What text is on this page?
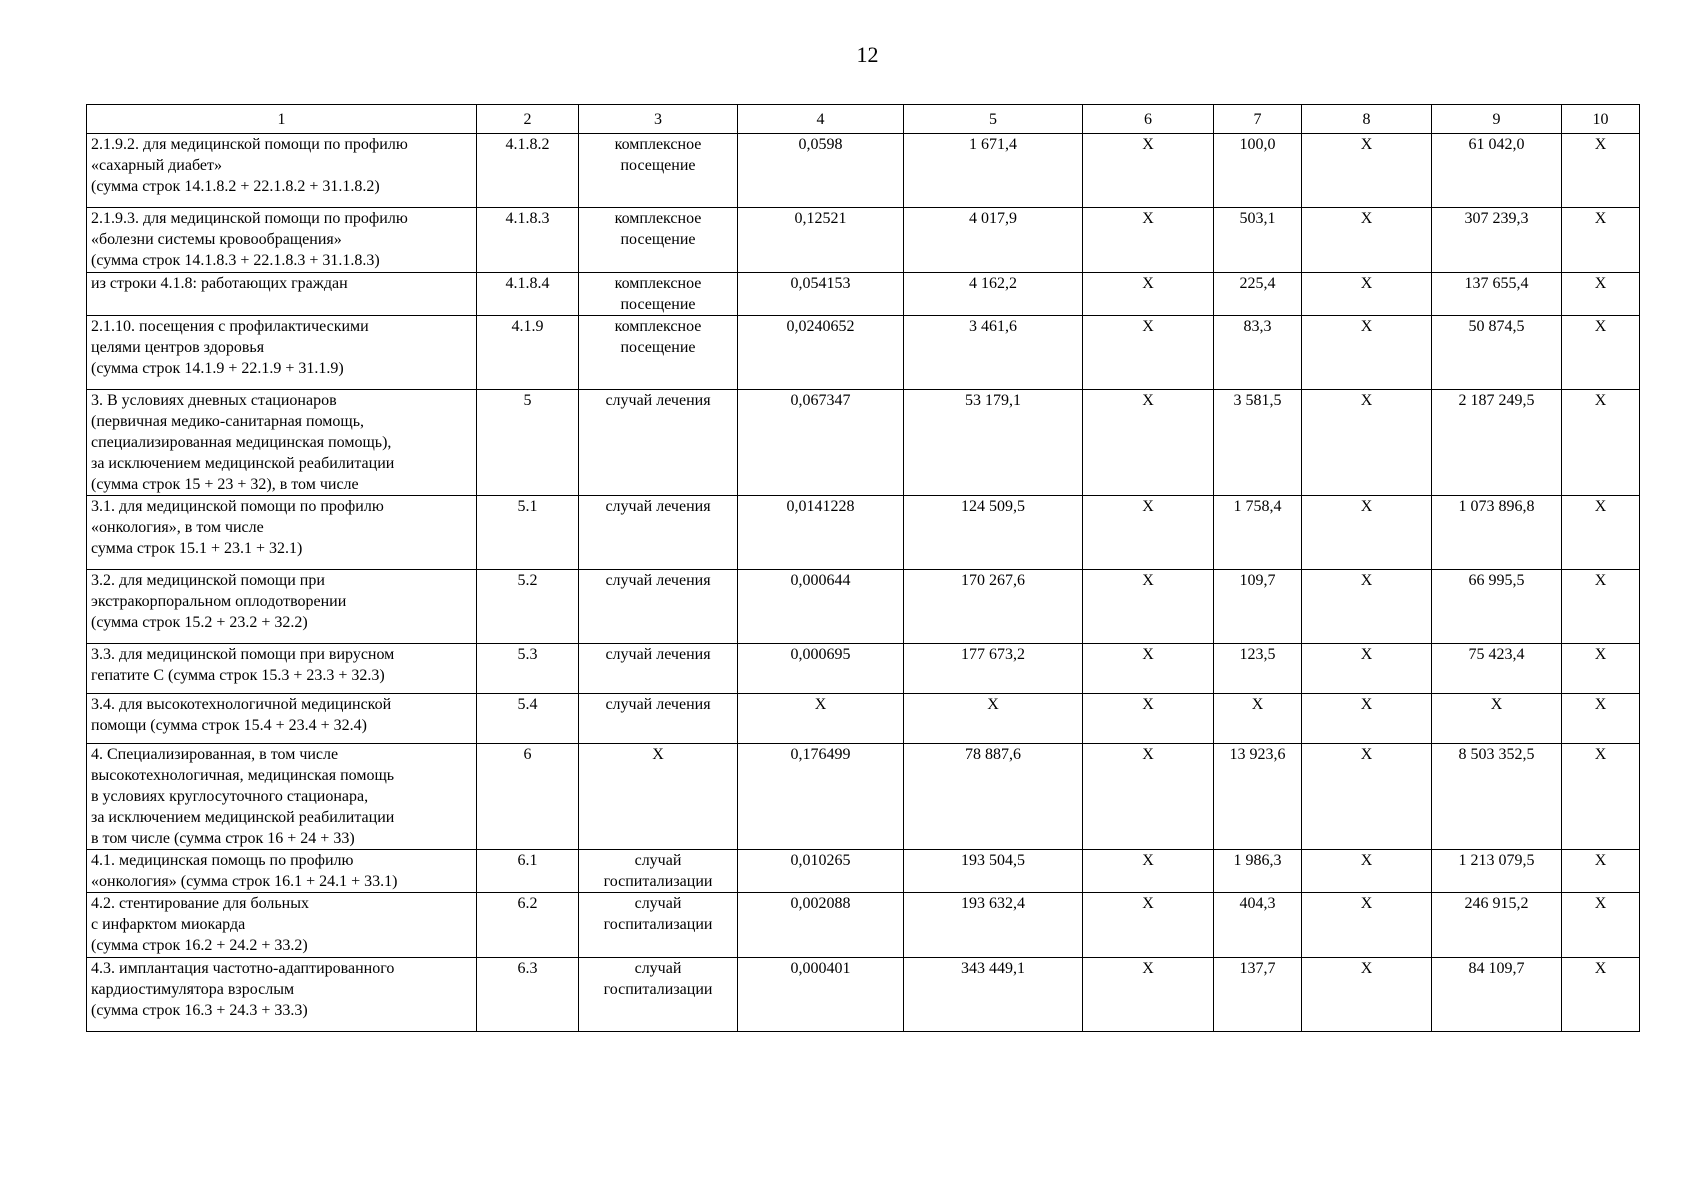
12
1	2	3	4	5	6	7	8	9	10

2.1.9.2. для медицинской помощи по профилю
«сахарный диабет»
(сумма строк 14.1.8.2 + 22.1.8.2 + 31.1.8.2)	4.1.8.2	комплексное посещение	0,0598	1 671,4	Х	100,0	Х	61 042,0	Х

2.1.9.3. для медицинской помощи по профилю
«болезни системы кровообращения»
(сумма строк 14.1.8.3 + 22.1.8.3 + 31.1.8.3)	4.1.8.3	комплексное посещение	0,12521	4 017,9	Х	503,1	Х	307 239,3	Х

из строки 4.1.8: работающих граждан	4.1.8.4	комплексное посещение	0,054153	4 162,2	Х	225,4	Х	137 655,4	Х

2.1.10. посещения с профилактическими
целями центров здоровья
(сумма строк 14.1.9 + 22.1.9 + 31.1.9)	4.1.9	комплексное посещение	0,0240652	3 461,6	Х	83,3	Х	50 874,5	Х

3. В условиях дневных стационаров
(первичная медико-санитарная помощь,
специализированная медицинская помощь),
за исключением медицинской реабилитации
(сумма строк 15 + 23 + 32), в том числе	5	случай лечения	0,067347	53 179,1	Х	3 581,5	Х	2 187 249,5	Х

3.1. для медицинской помощи по профилю
«онкология», в том числе
сумма строк 15.1 + 23.1 + 32.1)	5.1	случай лечения	0,0141228	124 509,5	Х	1 758,4	Х	1 073 896,8	Х

3.2. для медицинской помощи при
экстракорпоральном оплодотворении
(сумма строк 15.2 + 23.2 + 32.2)	5.2	случай лечения	0,000644	170 267,6	Х	109,7	Х	66 995,5	Х

3.3. для медицинской помощи при вирусном
гепатите С (сумма строк 15.3 + 23.3 + 32.3)	5.3	случай лечения	0,000695	177 673,2	Х	123,5	Х	75 423,4	Х

3.4. для высокотехнологичной медицинской
помощи (сумма строк 15.4 + 23.4 + 32.4)	5.4	случай лечения	Х	Х	Х	Х	Х	Х	Х

4. Специализированная, в том числе
высокотехнологичная, медицинская помощь
в условиях круглосуточного стационара,
за исключением медицинской реабилитации
в том числе (сумма строк 16 + 24 + 33)	6	Х	0,176499	78 887,6	Х	13 923,6	Х	8 503 352,5	Х

4.1. медицинская помощь по профилю
«онкология» (сумма строк 16.1 + 24.1 + 33.1)	6.1	случай госпитализации	0,010265	193 504,5	Х	1 986,3	Х	1 213 079,5	Х

4.2. стентирование для больных
с инфарктом миокарда
(сумма строк 16.2 + 24.2 + 33.2)	6.2	случай госпитализации	0,002088	193 632,4	Х	404,3	Х	246 915,2	Х

4.3. имплантация частотно-адаптированного
кардиостимулятора взрослым
(сумма строк 16.3 + 24.3 + 33.3)	6.3	случай госпитализации	0,000401	343 449,1	Х	137,7	Х	84 109,7	Х
